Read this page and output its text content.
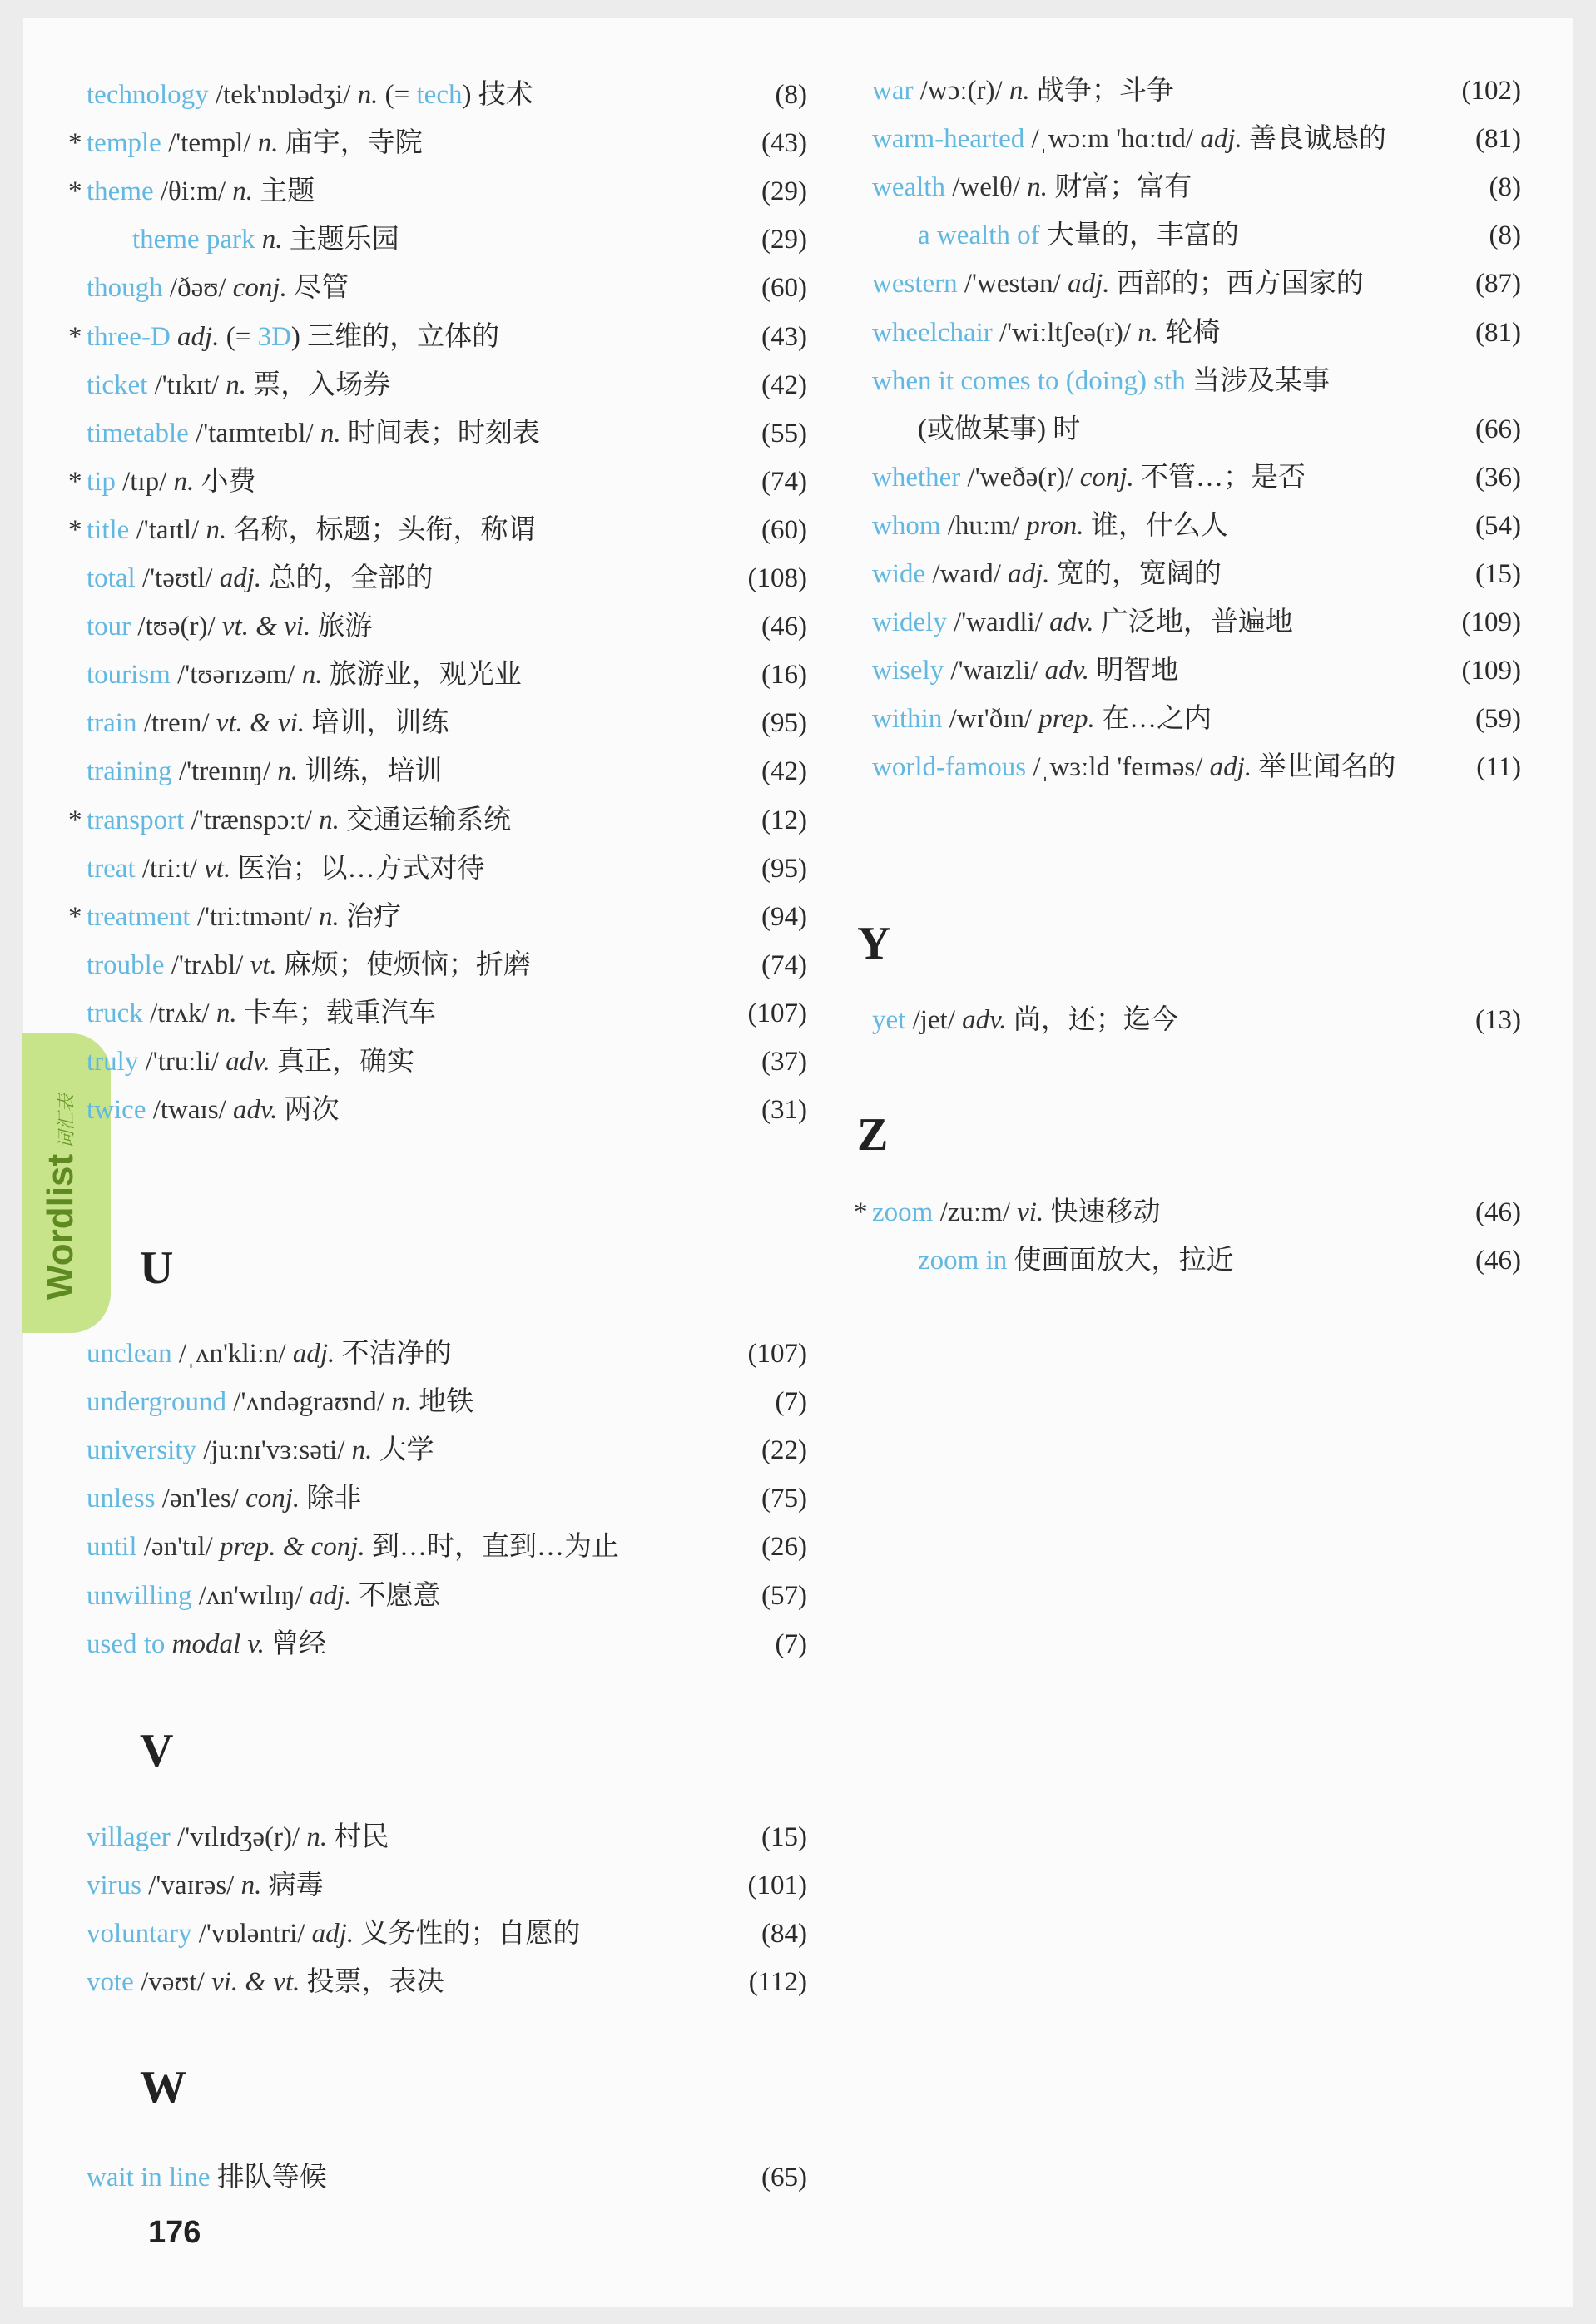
Wordlist词汇表
technology /tek'nɒlədʒi/ n. (= tech) 技术	(8)
* temple /'templ/ n. 庙宇，寺院	(43)
* theme /θiːm/ n. 主题	(29)
theme park n. 主题乐园	(29)
though /ðəʊ/ conj. 尽管	(60)
* three-D adj. (= 3D) 三维的，立体的	(43)
ticket /'tɪkɪt/ n. 票，入场券	(42)
timetable /'taɪmteɪbl/ n. 时间表；时刻表	(55)
* tip /tɪp/ n. 小费	(74)
* title /'taɪtl/ n. 名称，标题；头衔，称谓	(60)
total /'təʊtl/ adj. 总的，全部的	(108)
tour /tʊə(r)/ vt. & vi. 旅游	(46)
tourism /'tʊərɪzəm/ n. 旅游业，观光业	(16)
train /treɪn/ vt. & vi. 培训，训练	(95)
training /'treɪnɪŋ/ n. 训练，培训	(42)
* transport /'trænspɔːt/ n. 交通运输系统	(12)
treat /triːt/ vt. 医治；以…方式对待	(95)
* treatment /'triːtmənt/ n. 治疗	(94)
trouble /'trʌbl/ vt. 麻烦；使烦恼；折磨	(74)
truck /trʌk/ n. 卡车；载重汽车	(107)
truly /'truːli/ adv. 真正，确实	(37)
twice /twaɪs/ adv. 两次	(31)
unclean /ˌʌn'kliːn/ adj. 不洁净的	(107)
underground /'ʌndəgraʊnd/ n. 地铁	(7)
university /juːnɪ'vɜːsəti/ n. 大学	(22)
unless /ən'les/ conj. 除非	(75)
until /ən'tɪl/ prep. & conj. 到…时，直到…为止	(26)
unwilling /ʌn'wɪlɪŋ/ adj. 不愿意	(57)
used to modal v. 曾经	(7)
villager /'vɪlɪdʒə(r)/ n. 村民	(15)
virus /'vaɪrəs/ n. 病毒	(101)
voluntary /'vɒləntri/ adj. 义务性的；自愿的	(84)
vote /vəʊt/ vi. & vt. 投票，表决	(112)
wait in line 排队等候	(65)
war /wɔː(r)/ n. 战争；斗争	(102)
warm-hearted /ˌwɔːm 'hɑːtɪd/ adj. 善良诚恳的	(81)
wealth /welθ/ n. 财富；富有	(8)
a wealth of 大量的，丰富的	(8)
western /'westən/ adj. 西部的；西方国家的	(87)
wheelchair /'wiːltʃeə(r)/ n. 轮椅	(81)
when it comes to (doing) sth 当涉及某事
(或做某事) 时	(66)
whether /'weðə(r)/ conj. 不管…；是否	(36)
whom /huːm/ pron. 谁，什么人	(54)
wide /waɪd/ adj. 宽的，宽阔的	(15)
widely /'waɪdli/ adv. 广泛地，普遍地	(109)
wisely /'waɪzli/ adv. 明智地	(109)
within /wɪ'ðɪn/ prep. 在…之内	(59)
world-famous /ˌwɜːld 'feɪməs/ adj. 举世闻名的	(11)
yet /jet/ adv. 尚，还；迄今	(13)
* zoom /zuːm/ vi. 快速移动	(46)
zoom in 使画面放大，拉近	(46)
U
V
W
Y
Z
176
